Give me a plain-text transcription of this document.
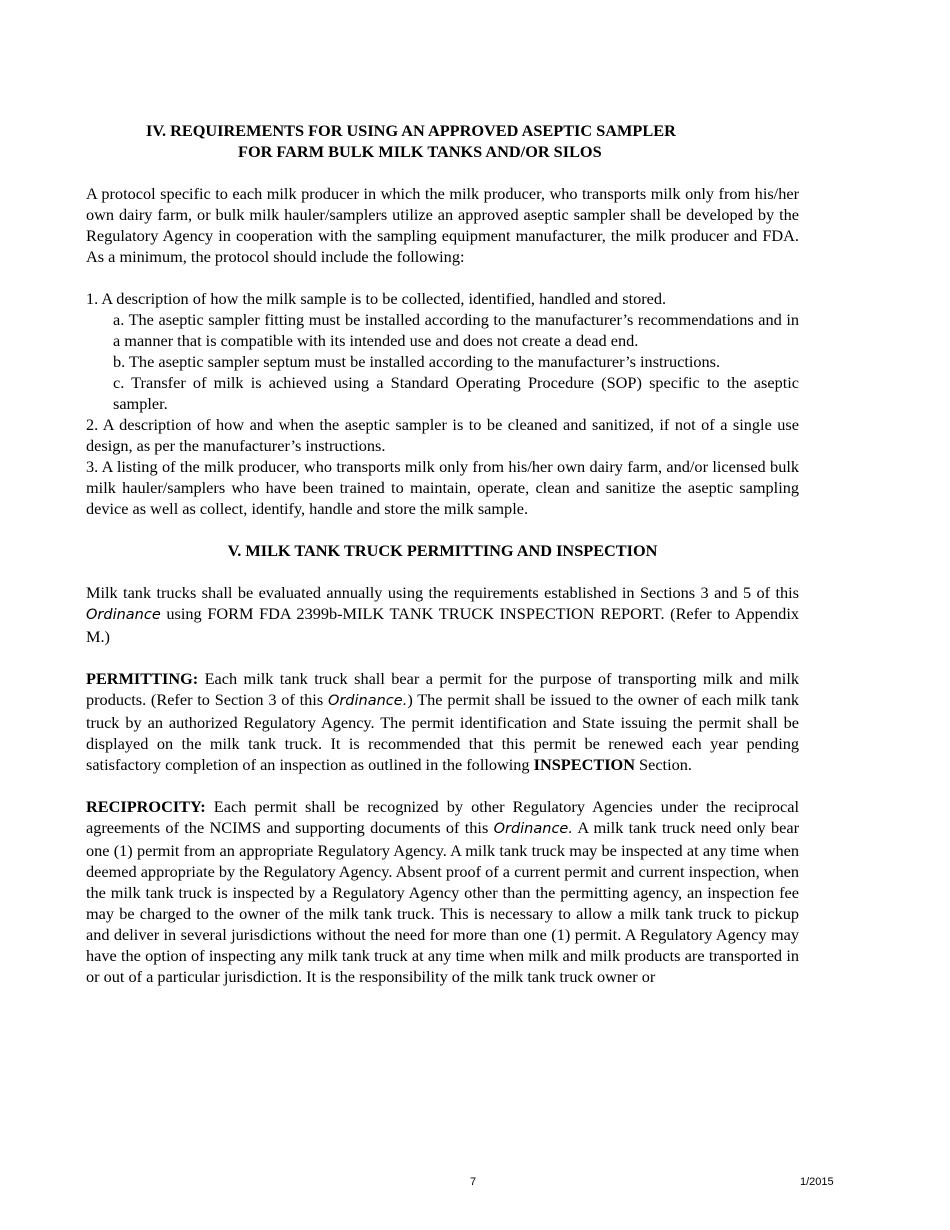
IV. REQUIREMENTS FOR USING AN APPROVED ASEPTIC SAMPLER
FOR FARM BULK MILK TANKS AND/OR SILOS

A protocol specific to each milk producer in which the milk producer, who transports milk only from his/her own dairy farm, or bulk milk hauler/samplers utilize an approved aseptic sampler shall be developed by the Regulatory Agency in cooperation with the sampling equipment manufacturer, the milk producer and FDA. As a minimum, the protocol should include the following:

1. A description of how the milk sample is to be collected, identified, handled and stored.
a. The aseptic sampler fitting must be installed according to the manufacturer’s recommendations and in a manner that is compatible with its intended use and does not create a dead end.
b. The aseptic sampler septum must be installed according to the manufacturer’s instructions.
c. Transfer of milk is achieved using a Standard Operating Procedure (SOP) specific to the aseptic sampler.
2. A description of how and when the aseptic sampler is to be cleaned and sanitized, if not of a single use design, as per the manufacturer’s instructions.
3. A listing of the milk producer, who transports milk only from his/her own dairy farm, and/or licensed bulk milk hauler/samplers who have been trained to maintain, operate, clean and sanitize the aseptic sampling device as well as collect, identify, handle and store the milk sample.
V. MILK TANK TRUCK PERMITTING AND INSPECTION

Milk tank trucks shall be evaluated annually using the requirements established in Sections 3 and 5 of this Ordinance using FORM FDA 2399b-MILK TANK TRUCK INSPECTION REPORT. (Refer to Appendix M.)

PERMITTING: Each milk tank truck shall bear a permit for the purpose of transporting milk and milk products. (Refer to Section 3 of this Ordinance.) The permit shall be issued to the owner of each milk tank truck by an authorized Regulatory Agency. The permit identification and State issuing the permit shall be displayed on the milk tank truck. It is recommended that this permit be renewed each year pending satisfactory completion of an inspection as outlined in the following INSPECTION Section.

RECIPROCITY: Each permit shall be recognized by other Regulatory Agencies under the reciprocal agreements of the NCIMS and supporting documents of this Ordinance. A milk tank truck need only bear one (1) permit from an appropriate Regulatory Agency. A milk tank truck may be inspected at any time when deemed appropriate by the Regulatory Agency. Absent proof of a current permit and current inspection, when the milk tank truck is inspected by a Regulatory Agency other than the permitting agency, an inspection fee may be charged to the owner of the milk tank truck. This is necessary to allow a milk tank truck to pickup and deliver in several jurisdictions without the need for more than one (1) permit. A Regulatory Agency may have the option of inspecting any milk tank truck at any time when milk and milk products are transported in or out of a particular jurisdiction. It is the responsibility of the milk tank truck owner or

7	1/2015
